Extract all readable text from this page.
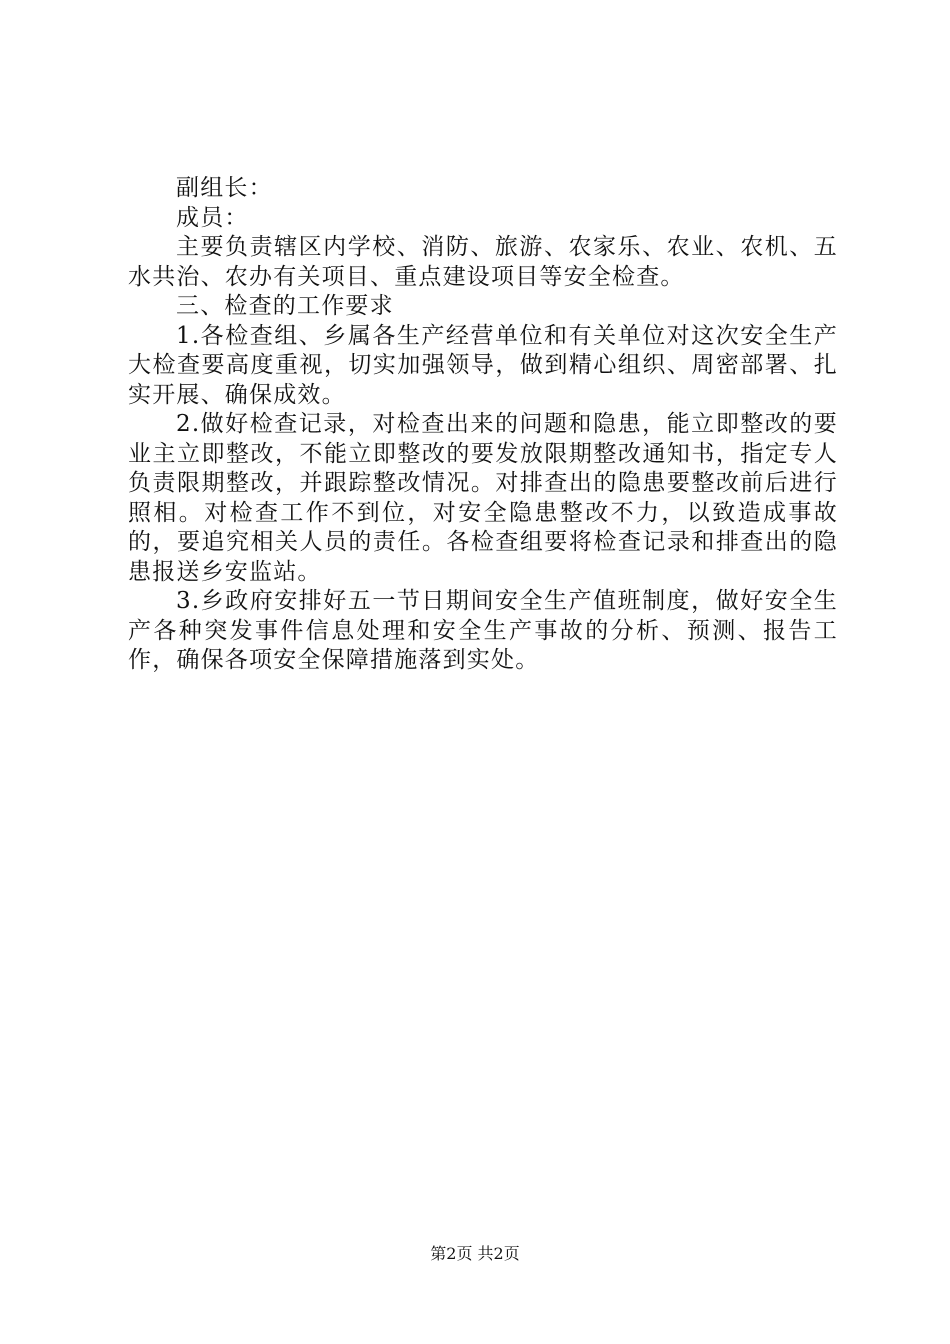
副组长：

成员：

主要负责辖区内学校、消防、旅游、农家乐、农业、农机、五水共治、农办有关项目、重点建设项目等安全检查。

三、检查的工作要求

1.各检查组、乡属各生产经营单位和有关单位对这次安全生产大检查要高度重视，切实加强领导，做到精心组织、周密部署、扎实开展、确保成效。

2.做好检查记录，对检查出来的问题和隐患，能立即整改的要业主立即整改，不能立即整改的要发放限期整改通知书，指定专人负责限期整改，并跟踪整改情况。对排查出的隐患要整改前后进行照相。对检查工作不到位，对安全隐患整改不力，以致造成事故的，要追究相关人员的责任。各检查组要将检查记录和排查出的隐患报送乡安监站。

3.乡政府安排好五一节日期间安全生产值班制度，做好安全生产各种突发事件信息处理和安全生产事故的分析、预测、报告工作，确保各项安全保障措施落到实处。

第2页 共2页
